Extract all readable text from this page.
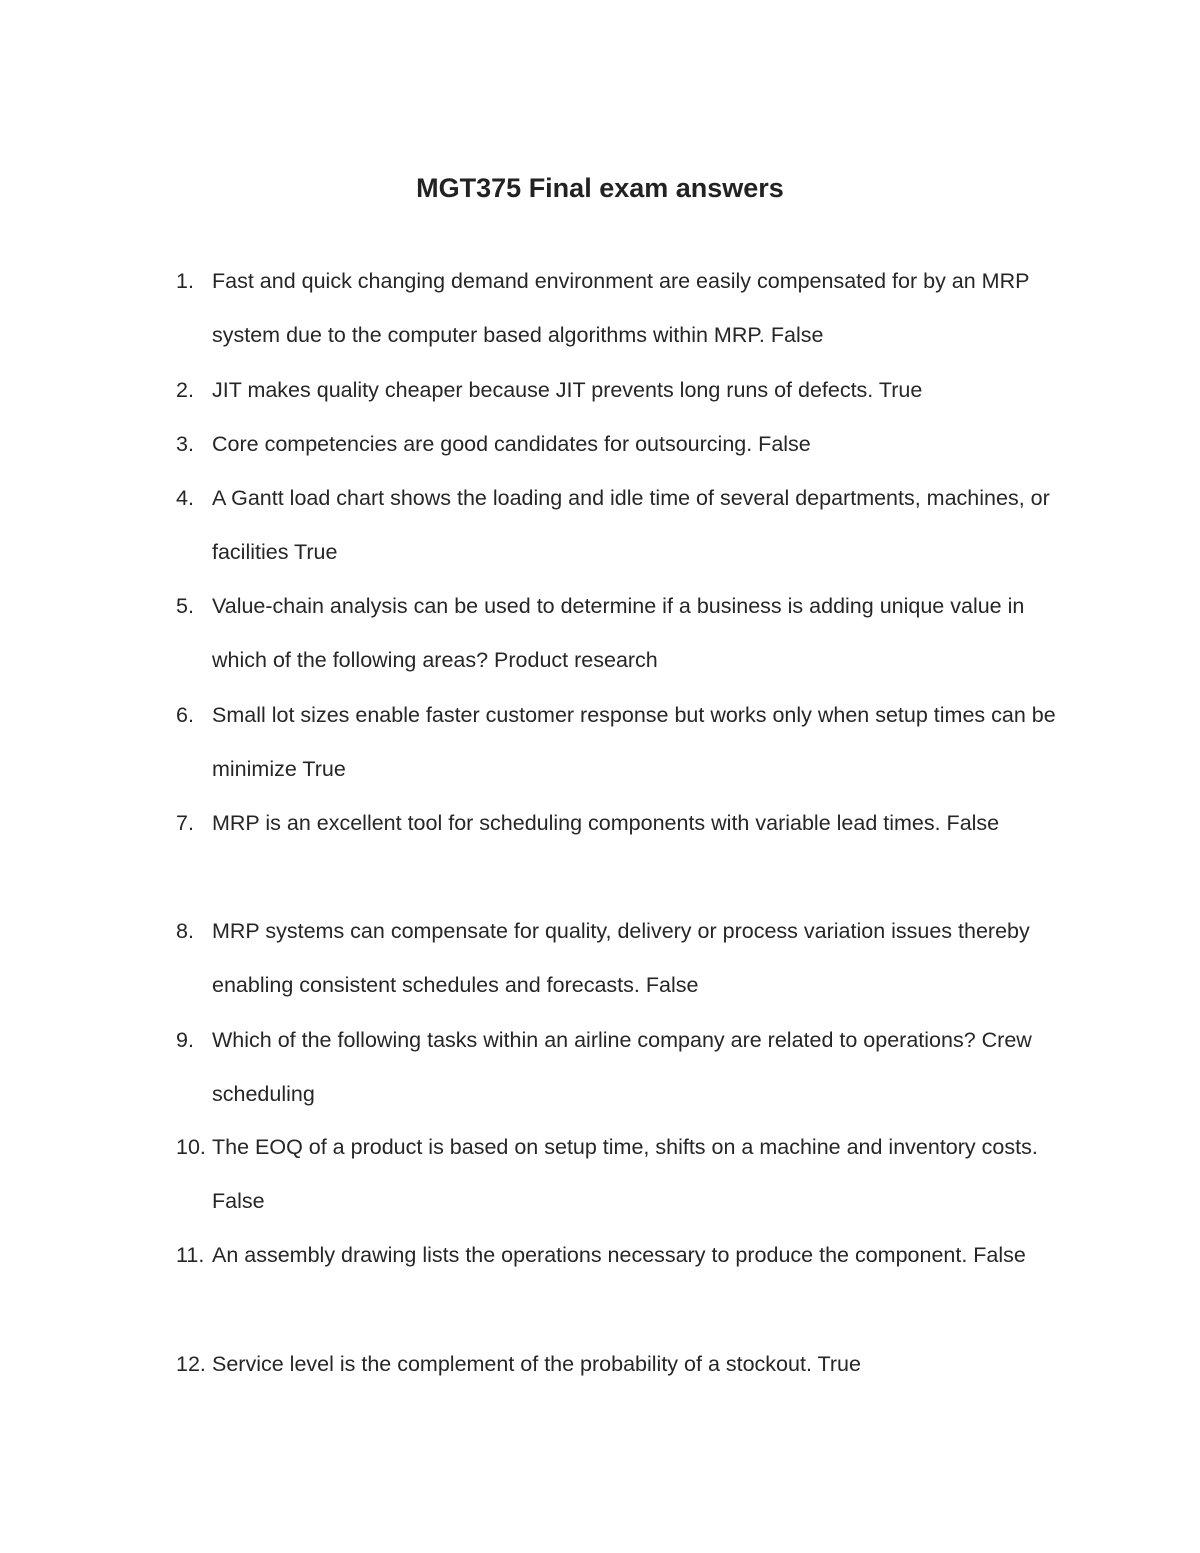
MGT375 Final exam answers
1. Fast and quick changing demand environment are easily compensated for by an MRP system due to the computer based algorithms within MRP. False
2. JIT makes quality cheaper because JIT prevents long runs of defects. True
3. Core competencies are good candidates for outsourcing. False
4. A Gantt load chart shows the loading and idle time of several departments, machines, or facilities True
5. Value-chain analysis can be used to determine if a business is adding unique value in which of the following areas? Product research
6. Small lot sizes enable faster customer response but works only when setup times can be minimize True
7. MRP is an excellent tool for scheduling components with variable lead times. False
8. MRP systems can compensate for quality, delivery or process variation issues thereby enabling consistent schedules and forecasts. False
9. Which of the following tasks within an airline company are related to operations? Crew scheduling
10. The EOQ of a product is based on setup time, shifts on a machine and inventory costs. False
11. An assembly drawing lists the operations necessary to produce the component. False
12. Service level is the complement of the probability of a stockout. True
